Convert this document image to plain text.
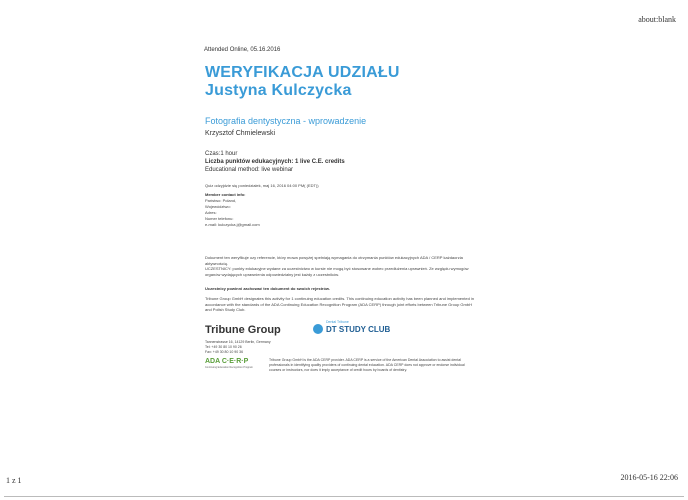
about:blank
Attended Online, 05.16.2016
WERYFIKACJA UDZIAŁU
Justyna Kulczycka
Fotografia dentystyczna - wprowadzenie
Krzysztof Chmielewski
Czas:1 hour
Liczba punktów edukacyjnych: 1 live C.E. credits
Educational method: live webinar
Quiz odzyjdzie się poniedziałek, maj 16, 2016 04:00 PM( (EDT))
Member contact info:
Państwo: Poland,
Województwo:
Adres:
Numer telefonu:
e-mail: kulczycka.j@gmail.com
Dokument ten weryfikuje ozy referencie, który mowa powyżej spełniają wymagania do otrzymania punktów edukacyjnych ADA / CERP każdaorzia aktywnością.
UCZESTNICY: punkty edukacyjne wydane za uczestnictwo w kursie nie mogą być stosowane wobec przedłużenia uprawnień. Ze względu wymogów organów wydających uprawnienia odpowiedzialny jest każdy z uczestników.
Uczestnicy powinni zachować ten dokument do swoich rejestrów.
Tribune Group GmbH designates this activity for 1 continuing education credits. This continuing education activity has been planned and implemented in accordance with the standards of the ADA Continuing Education Recognition Program (ADA CERP) through joint efforts between Tribune Group GmbH and Polish Study Club.
Tribune Group
Tannenstrasse 16, 14129 Berlin, Germany
Tel: +49 30 80 10 90 26
Fax: +49 30 80 10 90 36
ADA C·E·R·P
Continuing Education Recognition Program
Dental Tribune
DT STUDY CLUB
Tribune Group GmbH is the ADA CERP provider. ADA CERP is a service of the American Dental Association to assist dental professionals in identifying quality providers of continuing dental education. ADA CERP does not approve or endorse individual courses or instructors, nor does it imply acceptance of credit hours by boards of dentistry.
1 z 1	2016-05-16 22:06
